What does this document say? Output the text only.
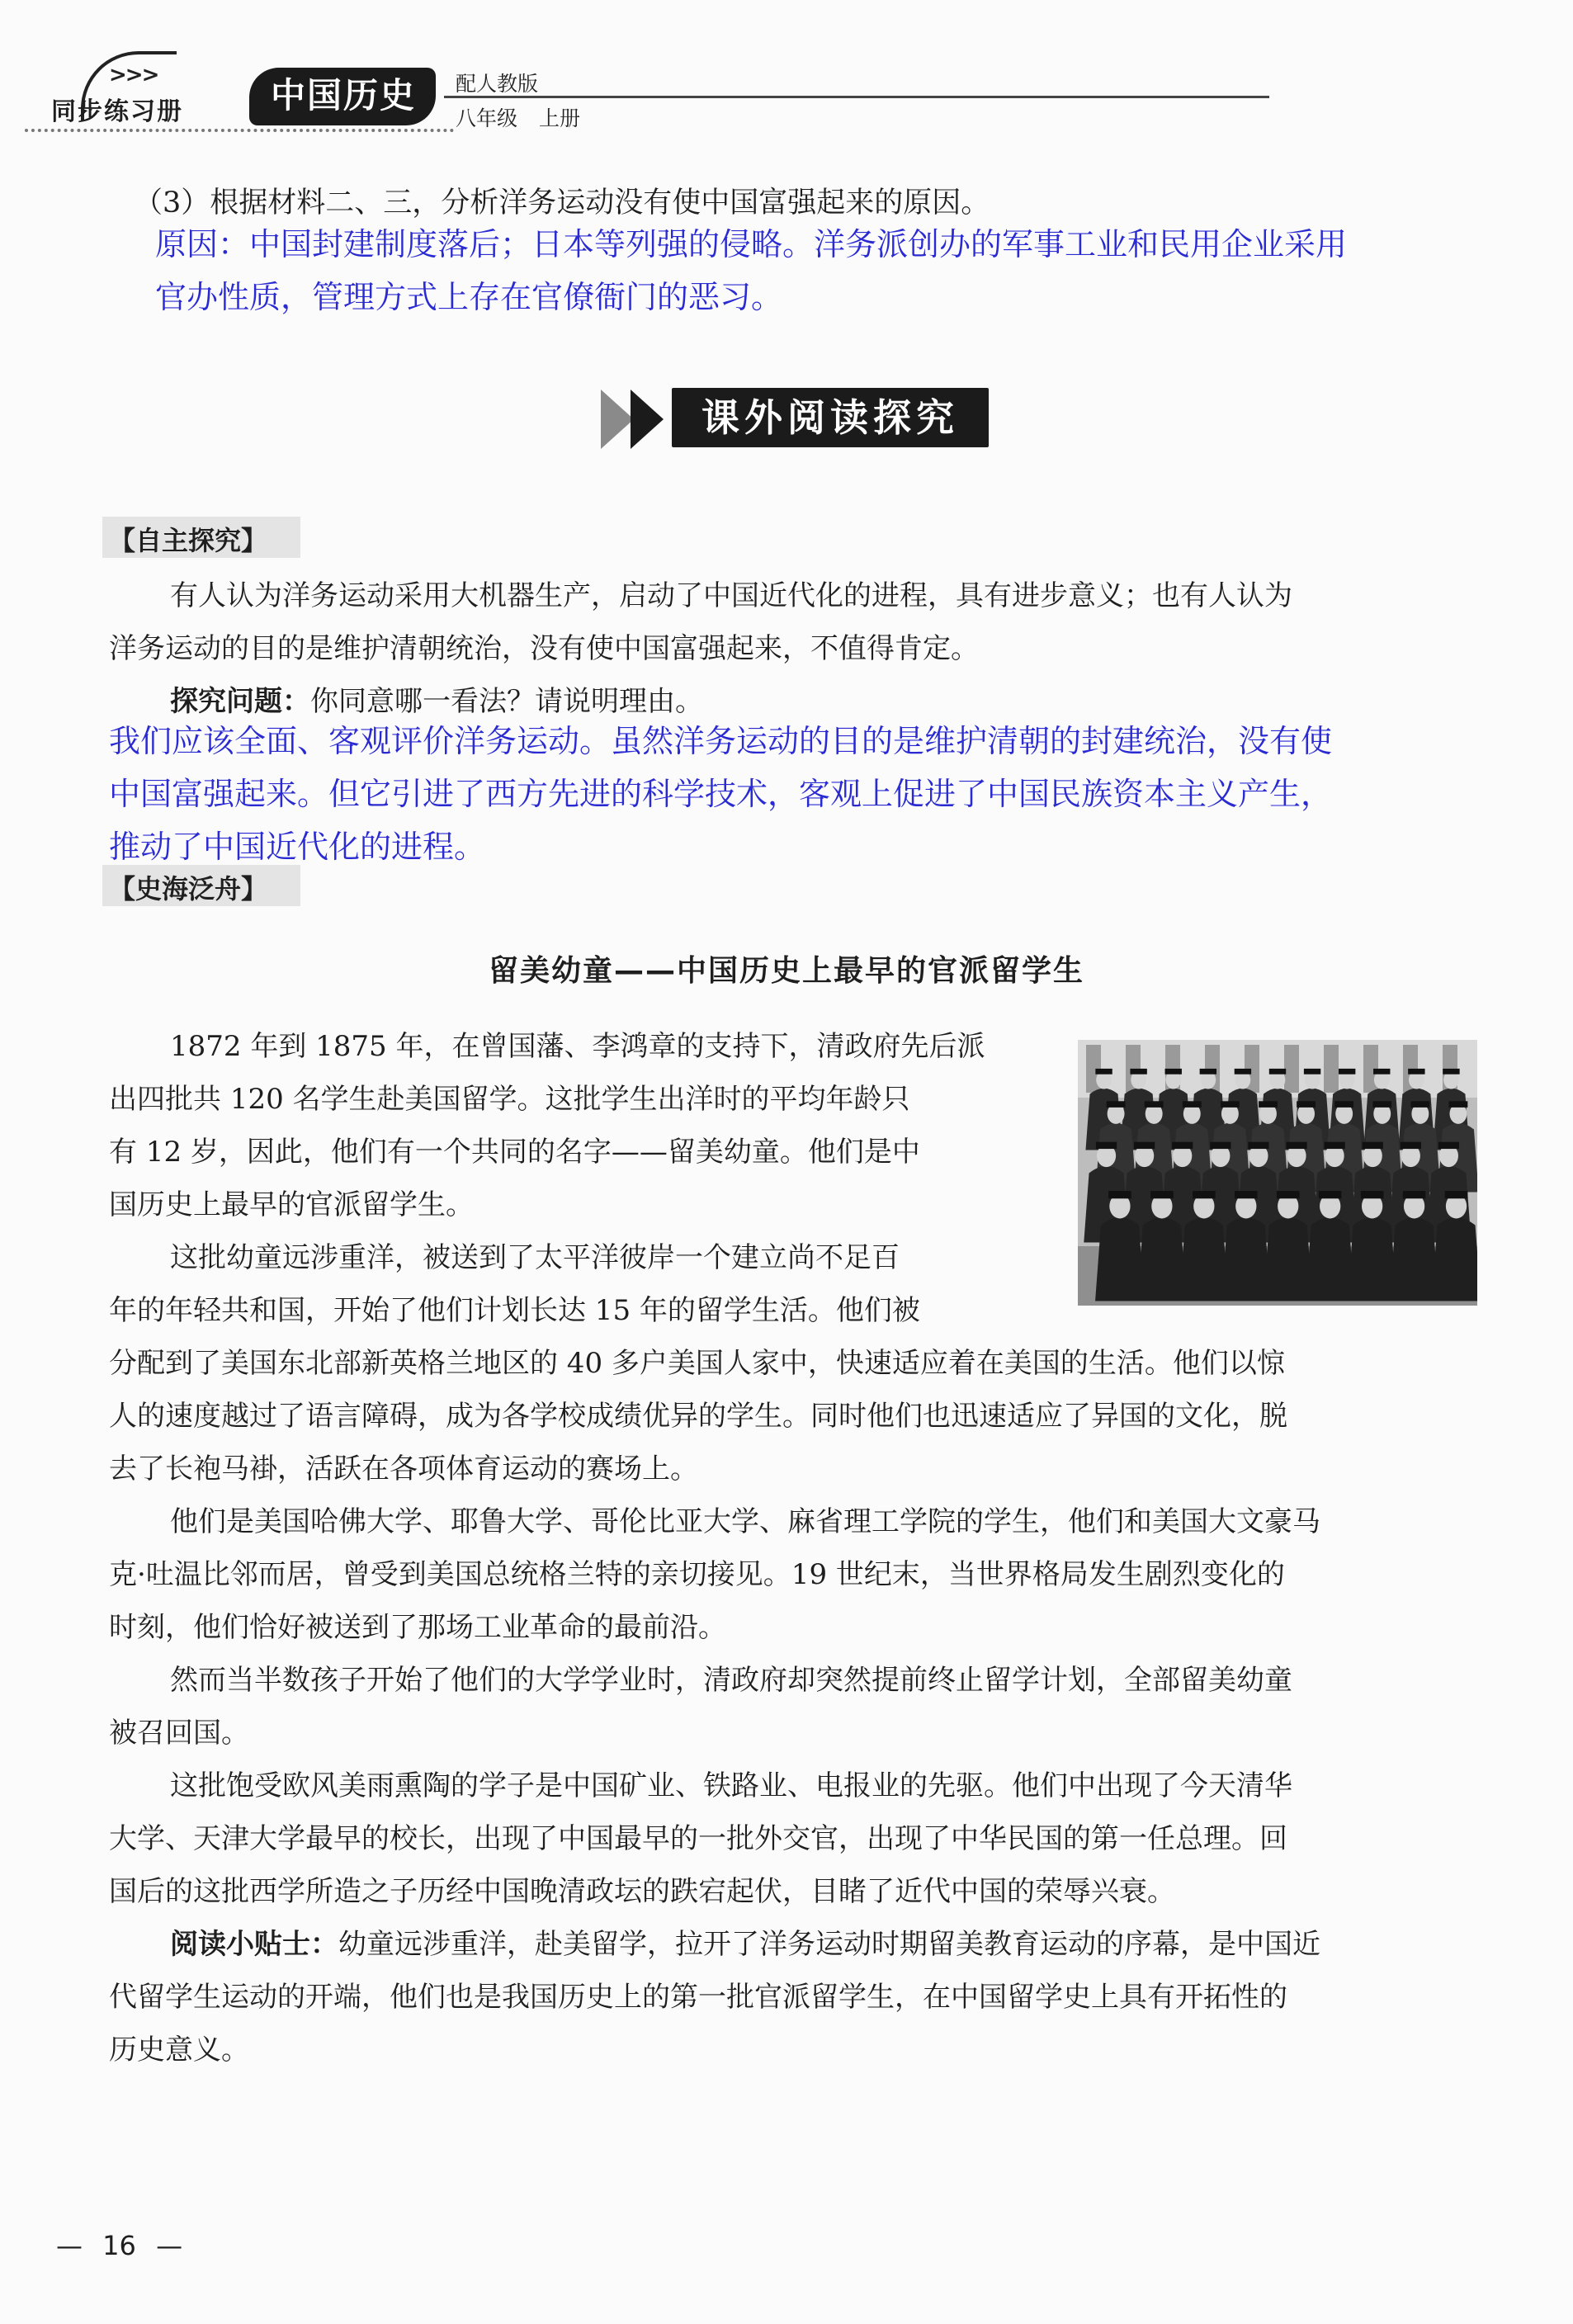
>>>
同步练习册	中国历史	配人教版
八年级 上册
（3）根据材料二、三，分析洋务运动没有使中国富强起来的原因。
原因：中国封建制度落后；日本等列强的侵略。洋务派创办的军事工业和民用企业采用
官办性质，管理方式上存在官僚衙门的恶习。
课外阅读探究
【自主探究】
有人认为洋务运动采用大机器生产，启动了中国近代化的进程，具有进步意义；也有人认为
洋务运动的目的是维护清朝统治，没有使中国富强起来，不值得肯定。
探究问题：你同意哪一看法？请说明理由。
我们应该全面、客观评价洋务运动。虽然洋务运动的目的是维护清朝的封建统治，没有使
中国富强起来。但它引进了西方先进的科学技术，客观上促进了中国民族资本主义产生，
推动了中国近代化的进程。
【史海泛舟】
留美幼童——中国历史上最早的官派留学生
1872 年到 1875 年，在曾国藩、李鸿章的支持下，清政府先后派
出四批共 120 名学生赴美国留学。这批学生出洋时的平均年龄只
有 12 岁，因此，他们有一个共同的名字——留美幼童。他们是中
国历史上最早的官派留学生。
这批幼童远涉重洋，被送到了太平洋彼岸一个建立尚不足百
年的年轻共和国，开始了他们计划长达 15 年的留学生活。他们被
分配到了美国东北部新英格兰地区的 40 多户美国人家中，快速适应着在美国的生活。他们以惊
人的速度越过了语言障碍，成为各学校成绩优异的学生。同时他们也迅速适应了异国的文化，脱
去了长袍马褂，活跃在各项体育运动的赛场上。
他们是美国哈佛大学、耶鲁大学、哥伦比亚大学、麻省理工学院的学生，他们和美国大文豪马
克·吐温比邻而居，曾受到美国总统格兰特的亲切接见。19 世纪末，当世界格局发生剧烈变化的
时刻，他们恰好被送到了那场工业革命的最前沿。
然而当半数孩子开始了他们的大学学业时，清政府却突然提前终止留学计划，全部留美幼童
被召回国。
这批饱受欧风美雨熏陶的学子是中国矿业、铁路业、电报业的先驱。他们中出现了今天清华
大学、天津大学最早的校长，出现了中国最早的一批外交官，出现了中华民国的第一任总理。回
国后的这批西学所造之子历经中国晚清政坛的跌宕起伏，目睹了近代中国的荣辱兴衰。
阅读小贴士：幼童远涉重洋，赴美留学，拉开了洋务运动时期留美教育运动的序幕，是中国近
代留学生运动的开端，他们也是我国历史上的第一批官派留学生，在中国留学史上具有开拓性的
历史意义。
— 16 —
